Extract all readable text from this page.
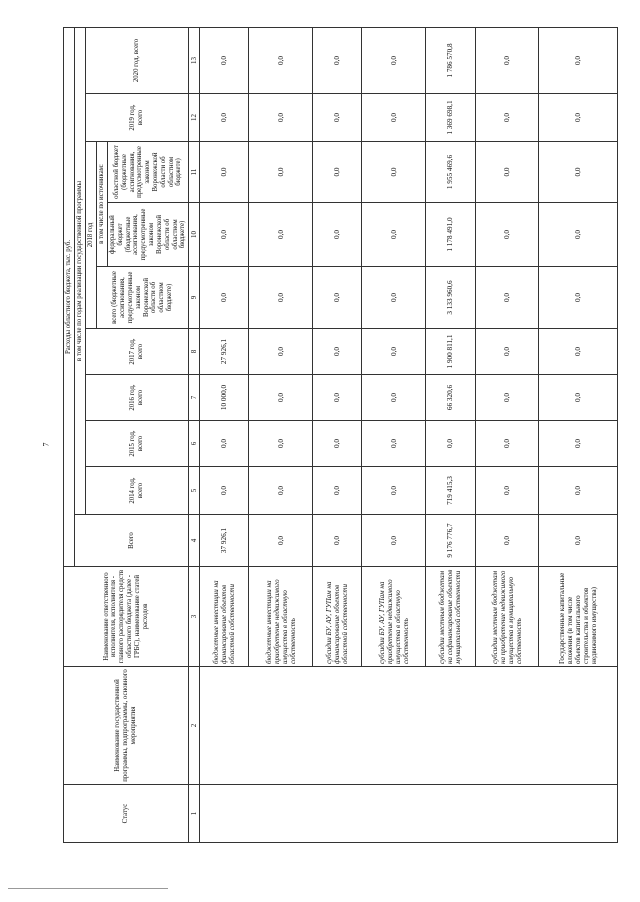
7
Статус	Наименование государственной программы, подпрограммы, основного мероприятия	Наименование ответственного исполнителя, исполнителя - главного распорядителя средств областного бюджета (далее - ГРБС), наименование статей расходов	Расходы областного бюджета, тыс. руб.									
			Всего	в том числе по годам реализации государственной программы								
				2014 год, всего	2015 год, всего	2016 год, всего	2017 год, всего	2018 год			2019 год, всего	2020 год, всего
								всего (бюджетные ассигнования, предусмотренные законом Воронежской области об областном бюджете)	в том числе по источникам:			
									федеральный бюджет (бюджетные ассигнования, предусмотренные законом Воронежской области об областном бюджете)	областной бюджет (бюджетные ассигнования, предусмотренные законом Воронежской области об областном бюджете)		
1	2	3	4	5	6	7	8	9	10	11	12	13
		бюджетные инвестиции на финансирование объектов областной собственности	37 926,1	0,0	0,0	10 000,0	27 926,1	0,0	0,0	0,0	0,0	0,0
		бюджетные инвестиции на приобретение недвижимого имущества в областную собственность	0,0	0,0	0,0	0,0	0,0	0,0	0,0	0,0	0,0	0,0
		субсидии БУ, АУ, ГУПам на финансирование объектов областной собственности	0,0	0,0	0,0	0,0	0,0	0,0	0,0	0,0	0,0	0,0
		субсидии БУ, АУ, ГУПам на приобретение недвижимого имущества в областную собственность	0,0	0,0	0,0	0,0	0,0	0,0	0,0	0,0	0,0	0,0
		субсидии местным бюджетам на софинансирование объектов муниципальной собственности	9 176 776,7	719 415,3	0,0	66 320,6	1 900 811,1	3 133 960,6	1 178 491,0	1 955 469,6	1 369 698,1	1 786 570,8
		субсидии местным бюджетам на приобретение недвижимого имущества в муниципальную собственность	0,0	0,0	0,0	0,0	0,0	0,0	0,0	0,0	0,0	0,0
		Государственные капитальные вложения (в том числе объектов капитального строительства и объектов недвижимого имущества)	0,0	0,0	0,0	0,0	0,0	0,0	0,0	0,0	0,0	0,0
